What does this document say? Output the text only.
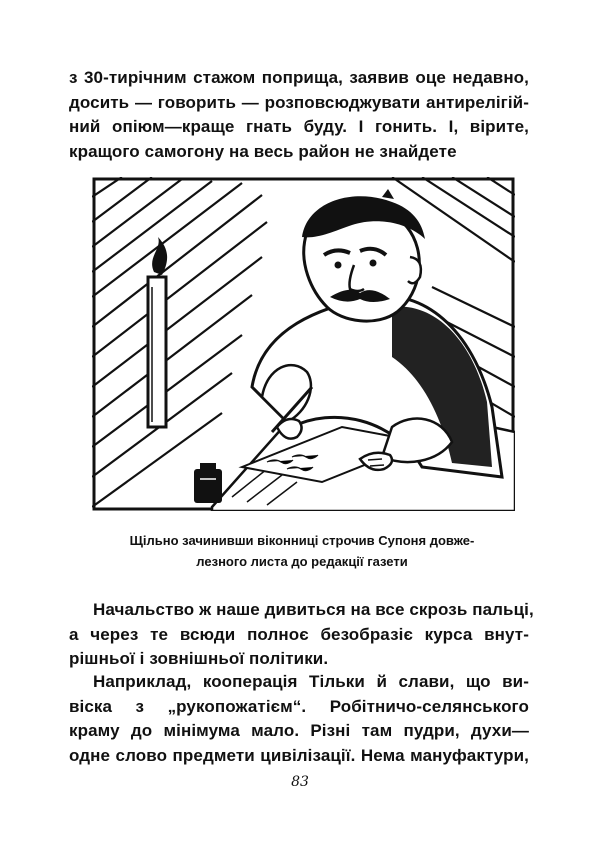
з 30-тирічним стажом поприща, заявив оце недавно,
досить — говорить — розповсюджувати антирелігій-
ний опіюм—краще гнать буду. І гонить. І, вірите,
кращого самогону на весь район не знайдете
Щільно зачинивши віконниці строчив Супоня довже-
лезного листа до редакції газети
Начальство ж наше дивиться на все скрозь пальці,
а через те всюди полноє безобразіє курса внут-
рішньої і зовнішньої політики.
Наприклад, кооперація Тільки й слави, що ви-
віска з „рукопожатієм“. Робітничо-селянського
краму до мінімума мало. Різні там пудри, духи—
одне слово предмети цивілізації. Нема мануфактури,
83
